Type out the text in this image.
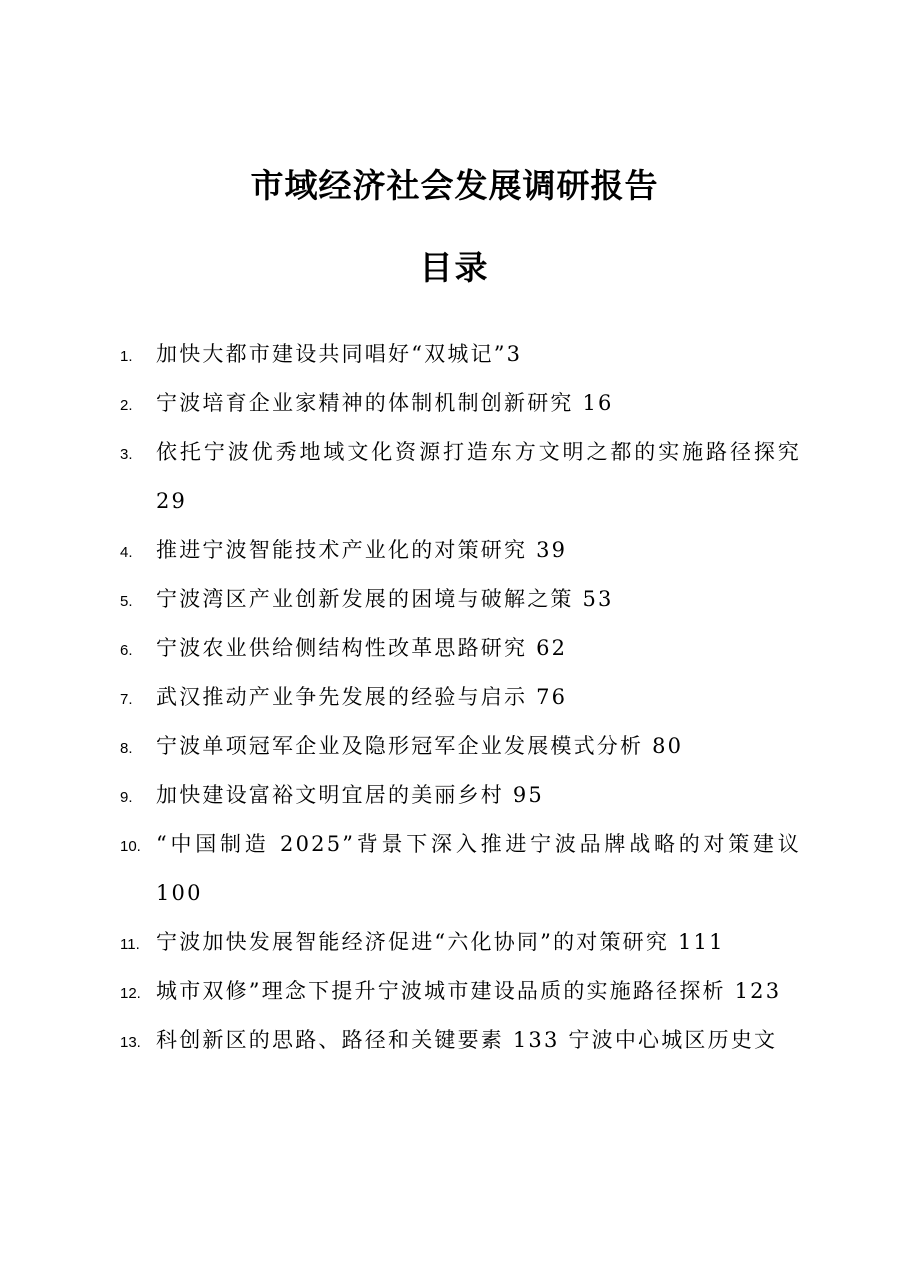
市域经济社会发展调研报告
目录
1.	加快大都市建设共同唱好“双城记”3
2.	宁波培育企业家精神的体制机制创新研究 16
3.	依托宁波优秀地域文化资源打造东方文明之都的实施路径探究 29
4.	推进宁波智能技术产业化的对策研究 39
5.	宁波湾区产业创新发展的困境与破解之策 53
6.	宁波农业供给侧结构性改革思路研究 62
7.	武汉推动产业争先发展的经验与启示 76
8.	宁波单项冠军企业及隐形冠军企业发展模式分析 80
9.	加快建设富裕文明宜居的美丽乡村 95
10. “中国制造 2025”背景下深入推进宁波品牌战略的对策建议 100
11. 宁波加快发展智能经济促进“六化协同”的对策研究 111
12. 城市双修”理念下提升宁波城市建设品质的实施路径探析 123
13. 科创新区的思路、路径和关键要素 133 宁波中心城区历史文
